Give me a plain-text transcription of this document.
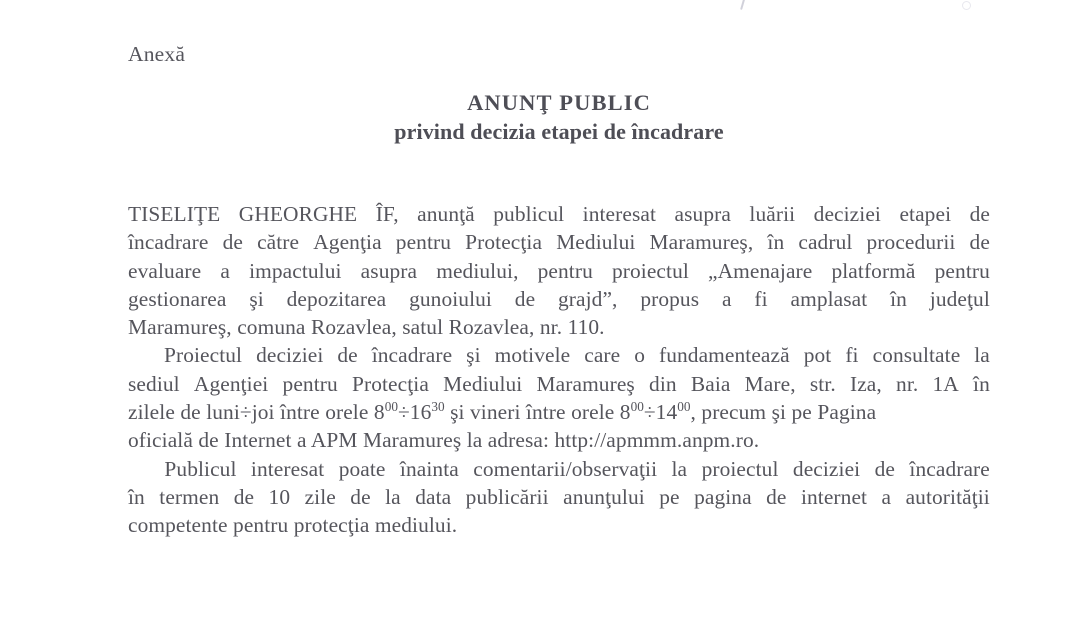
Anexă
ANUNŢ PUBLIC
privind decizia etapei de încadrare
TISELIŢE GHEORGHE ÎF, anunţă publicul interesat asupra luării deciziei etapei de
încadrare de către Agenţia pentru Protecţia Mediului Maramureş, în cadrul procedurii de
evaluare a impactului asupra mediului, pentru proiectul „Amenajare platformă pentru
gestionarea şi depozitarea gunoiului de grajd”, propus a fi amplasat în judeţul
Maramureş, comuna Rozavlea, satul Rozavlea, nr. 110.
Proiectul deciziei de încadrare şi motivele care o fundamentează pot fi consultate la
sediul Agenţiei pentru Protecţia Mediului Maramureş din Baia Mare, str. Iza, nr. 1A în
zilele de luni÷joi între orele $8^{00}\div 16^{30}$ şi vineri între orele $8^{00}\div 14^{00}$, precum şi pe Pagina
oficială de Internet a APM Maramureş la adresa: http://apmmm.anpm.ro.
Publicul interesat poate înainta comentarii/observaţii la proiectul deciziei de încadrare
în termen de 10 zile de la data publicării anunţului pe pagina de internet a autorităţii
competente pentru protecţia mediului.
